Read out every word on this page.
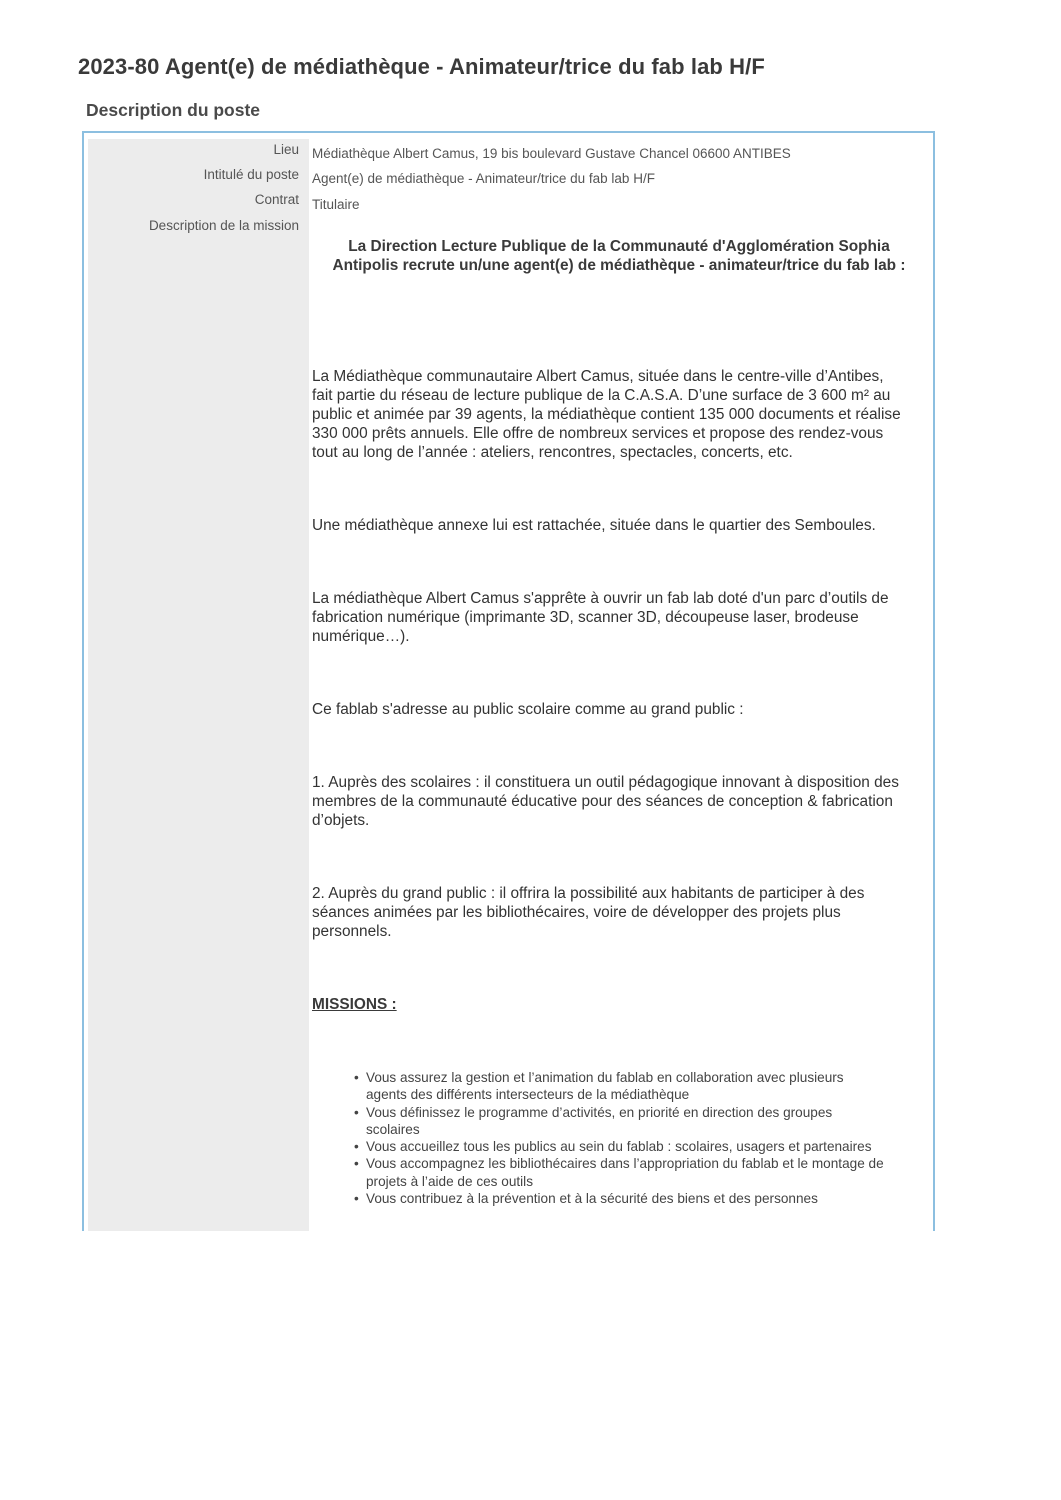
2023-80 Agent(e) de médiathèque - Animateur/trice du fab lab H/F
Description du poste
Lieu Médiathèque Albert Camus, 19 bis boulevard Gustave Chancel 06600 ANTIBES
Intitulé du poste Agent(e) de médiathèque - Animateur/trice du fab lab H/F
Contrat Titulaire
Description de la mission

La Direction Lecture Publique de la Communauté d'Agglomération Sophia
Antipolis recrute un/une agent(e) de médiathèque - animateur/trice du fab lab :

La Médiathèque communautaire Albert Camus, située dans le centre-ville d’Antibes,
fait partie du réseau de lecture publique de la C.A.S.A. D’une surface de 3 600 m² au
public et animée par 39 agents, la médiathèque contient 135 000 documents et réalise
330 000 prêts annuels. Elle offre de nombreux services et propose des rendez-vous
tout au long de l’année : ateliers, rencontres, spectacles, concerts, etc.

Une médiathèque annexe lui est rattachée, située dans le quartier des Semboules.

La médiathèque Albert Camus s'apprête à ouvrir un fab lab doté d'un parc d’outils de
fabrication numérique (imprimante 3D, scanner 3D, découpeuse laser, brodeuse
numérique…).

Ce fablab s'adresse au public scolaire comme au grand public :

1. Auprès des scolaires : il constituera un outil pédagogique innovant à disposition des
membres de la communauté éducative pour des séances de conception & fabrication
d’objets.

2. Auprès du grand public : il offrira la possibilité aux habitants de participer à des
séances animées par les bibliothécaires, voire de développer des projets plus
personnels.

MISSIONS :

• Vous assurez la gestion et l’animation du fablab en collaboration avec plusieurs
agents des différents intersecteurs de la médiathèque
• Vous définissez le programme d’activités, en priorité en direction des groupes
scolaires
• Vous accueillez tous les publics au sein du fablab : scolaires, usagers et partenaires
• Vous accompagnez les bibliothécaires dans l’appropriation du fablab et le montage de
projets à l’aide de ces outils
• Vous contribuez à la prévention et à la sécurité des biens et des personnes
